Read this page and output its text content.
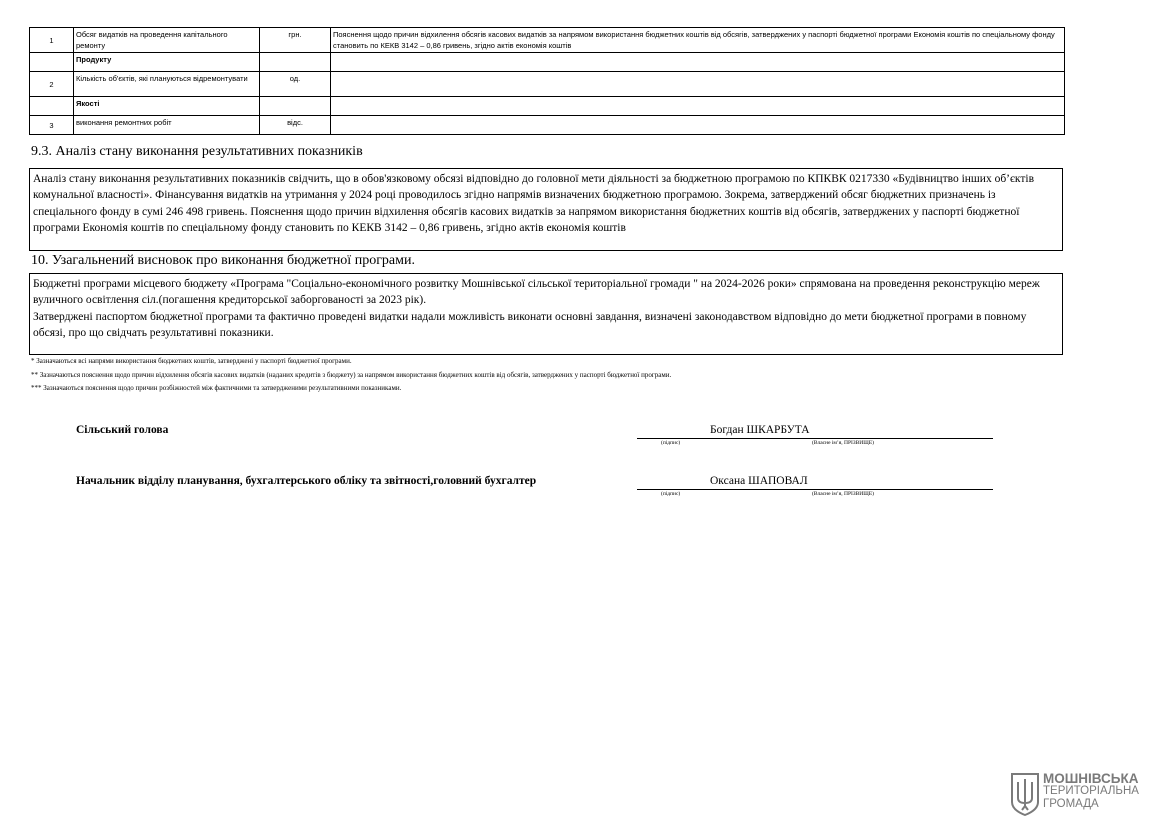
1	Обсяг видатків на проведення капітального ремонту	грн.	Пояснення щодо причин відхилення обсягів касових видатків за напрямом використання бюджетних коштів від обсягів, затверджених у паспорті бюджетної програми Економія коштів по спеціальному фонду становить по КЕКВ 3142 – 0,86 гривень, згідно актів економія коштів
	Продукту		
2	Кількість об'єктів, які плануються відремонтувати	од.	
	Якості		
3	виконання ремонтних робіт	відс.	
9.3. Аналіз стану виконання результативних показників
Аналіз стану виконання результативних показників свідчить, що в обов'язковому обсязі відповідно до головної мети діяльності за бюджетною програмою по КПКВК 0217330 «Будівництво інших об’єктів комунальної власності». Фінансування видатків на утримання у 2024 році проводилось згідно напрямів визначених бюджетною програмою. Зокрема, затверджений обсяг бюджетних призначень із спеціального фонду в сумі 246 498 гривень. Пояснення щодо причин відхилення обсягів касових видатків за напрямом використання бюджетних коштів від обсягів, затверджених у паспорті бюджетної програми Економія коштів по спеціальному фонду становить по КЕКВ 3142 – 0,86 гривень, згідно актів економія коштів
10. Узагальнений висновок про виконання бюджетної програми.
Бюджетні програми місцевого бюджету «Програма "Соціально-економічного розвитку Мошнівської сільської територіальної громади " на 2024-2026 роки» спрямована на проведення реконструкцію мереж вуличного освітлення сіл.(погашення кредиторської заборгованості за 2023 рік).
Затверджені паспортом бюджетної програми та фактично проведені видатки надали можливість виконати основні завдання, визначені законодавством відповідно до мети бюджетної програми в повному обсязі, про що свідчать результативні показники.
* Зазначаються всі напрями використання бюджетних коштів, затверджені у паспорті бюджетної програми.
** Зазначаються пояснення щодо причин відхилення обсягів касових видатків (наданих кредитів з бюджету) за напрямом використання бюджетних коштів від обсягів, затверджених у паспорті бюджетної програми.
*** Зазначаються пояснення щодо причин розбіжностей між фактичними та затвердженими результативними показниками.
Сільський голова	Богдан ШКАРБУТА
(підпис)	(Власне ім’я, ПРІЗВИЩЕ)
Начальник відділу планування, бухгалтерського обліку та звітності,головний бухгалтер	Оксана ШАПОВАЛ
(підпис)	(Власне ім’я, ПРІЗВИЩЕ)
МОШНІВСЬКА
ТЕРИТОРІАЛЬНА
ГРОМАДА
